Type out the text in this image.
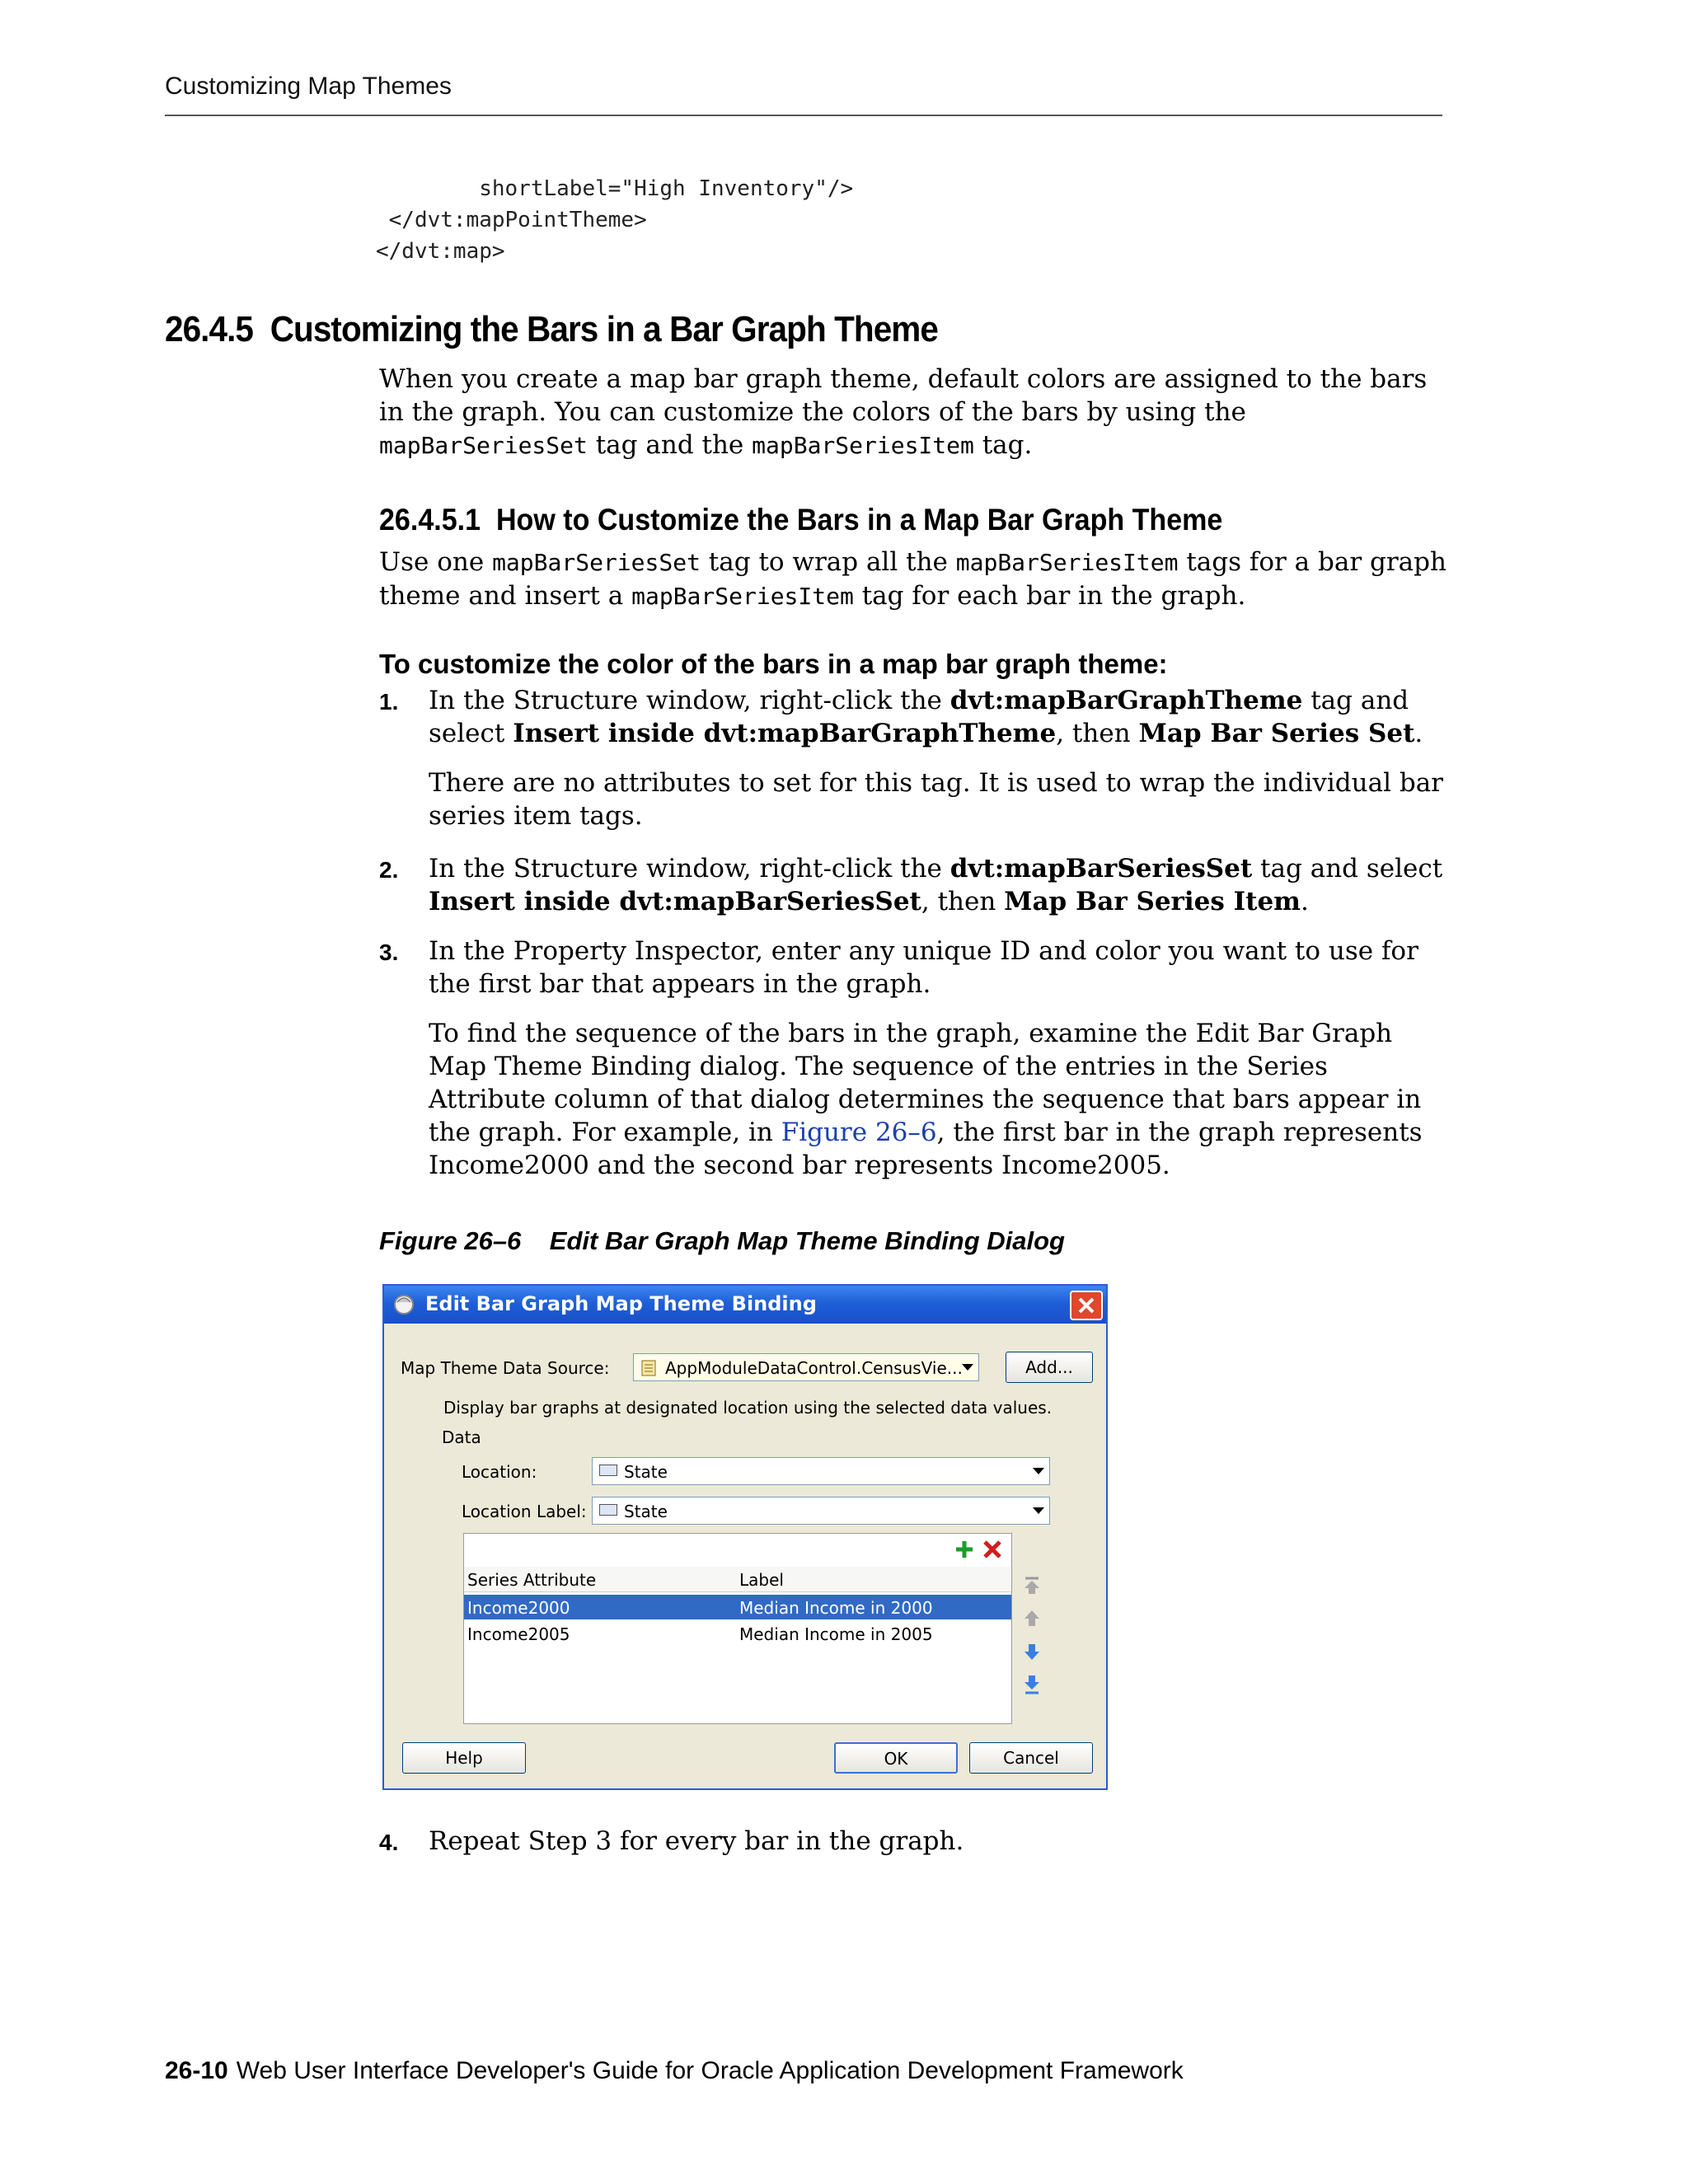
Customizing Map Themes
shortLabel="High Inventory"/>
</dvt:mapPointTheme>
</dvt:map>
26.4.5 Customizing the Bars in a Bar Graph Theme
When you create a map bar graph theme, default colors are assigned to the bars in the graph. You can customize the colors of the bars by using the mapBarSeriesSet tag and the mapBarSeriesItem tag.
26.4.5.1 How to Customize the Bars in a Map Bar Graph Theme
Use one mapBarSeriesSet tag to wrap all the mapBarSeriesItem tags for a bar graph theme and insert a mapBarSeriesItem tag for each bar in the graph.
To customize the color of the bars in a map bar graph theme:
1. In the Structure window, right-click the dvt:mapBarGraphTheme tag and select Insert inside dvt:mapBarGraphTheme, then Map Bar Series Set.
There are no attributes to set for this tag. It is used to wrap the individual bar series item tags.
2. In the Structure window, right-click the dvt:mapBarSeriesSet tag and select Insert inside dvt:mapBarSeriesSet, then Map Bar Series Item.
3. In the Property Inspector, enter any unique ID and color you want to use for the first bar that appears in the graph.
To find the sequence of the bars in the graph, examine the Edit Bar Graph Map Theme Binding dialog. The sequence of the entries in the Series Attribute column of that dialog determines the sequence that bars appear in the graph. For example, in Figure 26–6, the first bar in the graph represents Income2000 and the second bar represents Income2005.
Figure 26–6 Edit Bar Graph Map Theme Binding Dialog
Edit Bar Graph Map Theme Binding
Map Theme Data Source:	AppModuleDataControl.CensusVie...	Add...
Display bar graphs at designated location using the selected data values.
Data
Location:	State
Location Label: State
Series Attribute	Label
Income2000	Median Income in 2000
Income2005	Median Income in 2005
Help	OK	Cancel
4. Repeat Step 3 for every bar in the graph.
26-10 Web User Interface Developer's Guide for Oracle Application Development Framework
